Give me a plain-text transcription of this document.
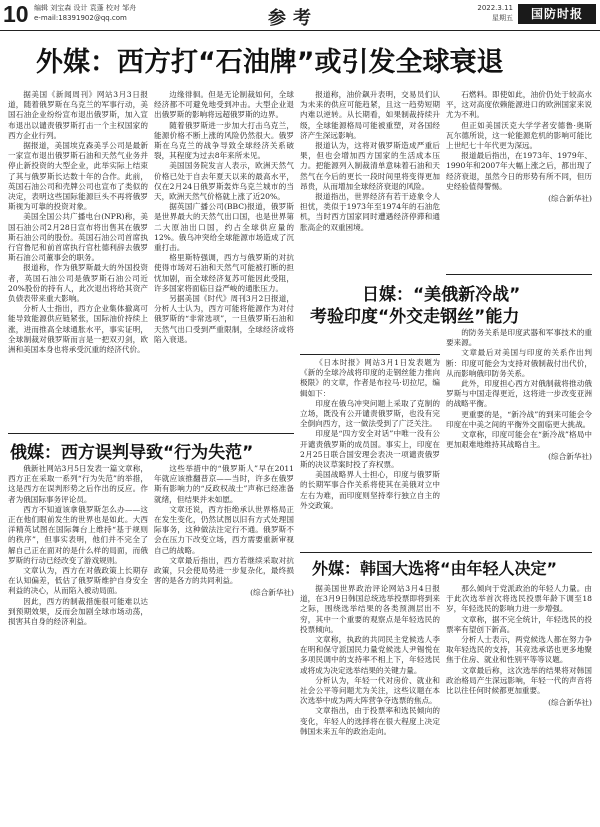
10 编辑 刘宝森 设计 袁蓬 校对 邹舟
e-mail:18391902@qq.com	参考	2022.3.11
星期五	国防时报
外媒：西方打“石油牌”或引发全球衰退

据美国《新闻周刊》网站3月3日报道，随着俄罗斯在乌克兰的军事行动，美国石油企业纷纷宣布退出俄罗斯，加入宣布退出以谴责俄罗斯打击一个主权国家的西方企业行列。

据报道，美国埃克森美孚公司是最新一家宣布退出俄罗斯石油和天然气业务并停止新投资的大型企业，此举实际上结束了其与俄罗斯长达数十年的合作。此前，英国石油公司和壳牌公司也宣布了类似的决定，表明这些国际能源巨头不再将俄罗斯视为可靠的投资对象。

美国全国公共广播电台(NPR)称，美国石油公司2月28日宣布将出售其在俄罗斯石油公司的股份。英国石油公司首席执行官鲁尼和前首席执行官杜德利辞去俄罗斯石油公司董事会的职务。

报道称，作为俄罗斯最大的外国投资者，英国石油公司是俄罗斯石油公司近20%股份的持有人，此次退出将给其资产负债表带来重大影响。

分析人士指出，西方企业集体撤离可能导致能源供应链紧张，国际油价持续上涨，进而推高全球通胀水平，事实证明，全球制裁对俄罗斯而言是一把双刃剑，欧洲和美国本身也将承受沉重的经济代价。

边缘徘徊。但是无论制裁如何，全球经济都不可避免地受到冲击。大型企业退出俄罗斯的影响将远超俄罗斯的边界。

随着俄罗斯进一步加大打击乌克兰，能源价格不断上涨的风险仍然很大。俄罗斯在乌克兰的战争导致全球经济关系破裂，其程度为过去8年来所未见。

美国国务院发言人表示，欧洲天然气价格已处于自去年夏天以来的最高水平，仅在2月24日俄罗斯轰炸乌克兰城市的当天，欧洲天然气价格就上涨了近20%。

据英国广播公司(BBC)报道，俄罗斯是世界最大的天然气出口国，也是世界第二大原油出口国，约占全球供应量的12%。俄乌冲突给全球能源市场造成了沉重打击。

格里斯特强调，西方与俄罗斯的对抗使得市场对石油和天然气可能被打断的担忧加剧，而全球经济复苏可能因此受阻，许多国家将面临日益严峻的通胀压力。

另据美国《时代》周刊3月2日报道，分析人士认为，西方可能将能源作为对付俄罗斯的“非常选项”，一旦俄罗斯石油和天然气出口受到严重限制，全球经济或将陷入衰退。

报道称，油价飙升表明，交易员们认为未来的供应可能趋紧，且这一趋势短期内难以逆转。从长期看，如果制裁持续升级，全球能源格局可能被重塑，对各国经济产生深远影响。

报道认为，这将对俄罗斯造成严重后果，但也会增加西方国家的生活成本压力。把能源列入制裁清单意味着石油和天然气在今后的更长一段时间里将变得更加昂贵，从而增加全球经济衰退的风险。

报道指出，世界经济有若干迹象令人担忧，类似于1973年至1974年的石油危机，当时西方国家同时遭遇经济停滞和通胀高企的双重困境。

石燃料。即使如此，油价仍处于较高水平，这对高度依赖能源进口的欧洲国家来说尤为不利。

但正如美国沃克大学学者安德鲁·奥斯瓦尔德所说，这一轮能源危机的影响可能比上世纪七十年代更为深远。

报道最后指出，在1973年、1979年、1990年和2007年大幅上涨之后，都出现了经济衰退，虽然今日的形势有所不同，但历史经验值得警惕。

(综合新华社)
日媒：“美俄新冷战”
考验印度“外交走钢丝”能力

《日本时报》网站3月1日发表题为《新的全球冷战将印度的走钢丝能力推向极限》的文章，作者是布拉马·切拉尼，编辑如下：

印度在俄乌冲突问题上采取了克制的立场，既没有公开谴责俄罗斯，也没有完全倒向西方，这一做法受到了广泛关注。

印度是“四方安全对话”中唯一没有公开谴责俄罗斯的成员国。事实上，印度在2月25日联合国安理会表决一项谴责俄罗斯的决议草案时投了弃权票。

美国战略界人士担心，印度与俄罗斯的长期军事合作关系将使其在美俄对立中左右为难，而印度则坚持奉行独立自主的外交政策。

的防务关系是印度武器和军事技术的重要来源。

文章最后对美国与印度的关系作出判断：印度可能会为支持对俄制裁付出代价，从而影响俄印防务关系。

此外，印度担心西方对俄制裁将推动俄罗斯与中国走得更近，这将进一步改变亚洲的战略平衡。

更重要的是，“新冷战”的到来可能会令印度在中美之间的平衡外交面临更大挑战。

文章称，印度可能会在“新冷战”格局中更加艰难地维持其战略自主。

(综合新华社)
俄媒：西方误判导致“行为失范”

俄新社网站3月5日发表一篇文章称，西方正在采取一系列“行为失范”的举措，这是西方在误判形势之后作出的反应。作者为俄国际事务评论员。

西方不知道该拿俄罗斯怎么办——这正在他们眼前发生的世界也是如此。大西洋精英试图在国际舞台上维持“基于规则的秩序”，但事实表明，他们并不完全了解自己正在面对的是什么样的局面，而俄罗斯的行动已经改变了游戏规则。

文章认为，西方在对俄政策上长期存在认知偏差，低估了俄罗斯维护自身安全利益的决心，从而陷入被动局面。

因此，西方的制裁措施很可能难以达到预期效果，反而会加剧全球市场动荡，损害其自身的经济利益。

这些举措中的“俄罗斯人”早在2011年就应该推翻普京——当时，许多在俄罗斯有影响力的“反政权战士”声称已经准备就绪，但结果并未如愿。

文章还说，西方拒绝承认世界格局正在发生变化，仍然试图以旧有方式处理国际事务，这种做法注定行不通。俄罗斯不会在压力下改变立场，西方需要重新审视自己的战略。

文章最后指出，西方若继续采取对抗政策，只会使局势进一步复杂化，最终损害的是各方的共同利益。

(综合新华社)
外媒：韩国大选将“由年轻人决定”

据美国世界政治评论网站3月4日报道，在3月9日韩国总统选举投票即将到来之际，围绕选举结果的各类预测层出不穷，其中一个重要的观察点是年轻选民的投票倾向。

文章称，执政的共同民主党候选人李在明和保守派国民力量党候选人尹锡悦在多项民调中的支持率不相上下，年轻选民或将成为决定选举结果的关键力量。

分析认为，年轻一代对房价、就业和社会公平等问题尤为关注，这些议题在本次选举中成为两大阵营争夺选票的焦点。

文章指出，由于投票率和选民倾向的变化，年轻人的选择将在很大程度上决定韩国未来五年的政治走向。

那么倾向于党派政治的年轻人力量。由于此次选举首次将选民投票年龄下调至18岁，年轻选民的影响力进一步增强。

文章称，据不完全统计，年轻选民的投票率有望创下新高。

分析人士表示，两党候选人都在努力争取年轻选民的支持，其竞选承诺也更多地聚焦于住房、就业和性别平等等议题。

文章最后称，这次选举的结果将对韩国政治格局产生深远影响，年轻一代的声音将比以往任何时候都更加重要。

(综合新华社)
